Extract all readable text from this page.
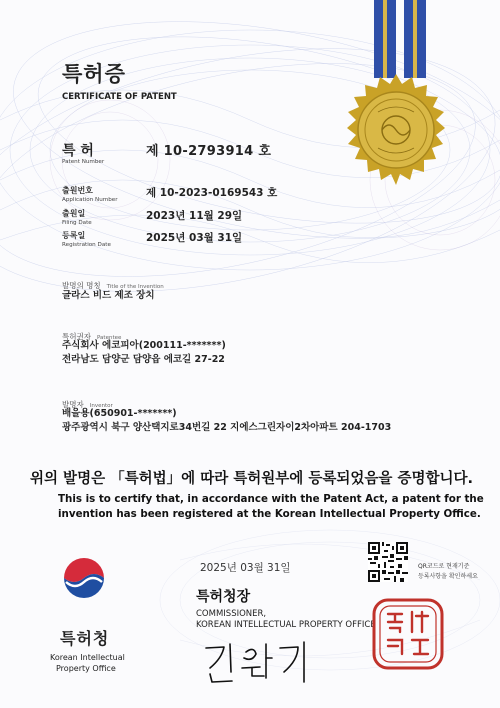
특허증
CERTIFICATE OF PATENT
특 허
Patent Number
제 10-2793914 호
출원번호
Application Number
제 10-2023-0169543 호
출원일
Filing Date
2023년 11월 29일
등록일
Registration Date
2025년 03월 31일
발명의 명칭 Title of the Invention
글라스 비드 제조 장치
특허권자 Patentee
주식회사 에코피아(200111-*******)
전라남도 담양군 담양읍 에코길 27-22
발명자 Inventor
배을용(650901-*******)
광주광역시 북구 양산택지로34번길 22 지에스그린자이2차아파트 204-1703
위의 발명은 「특허법」에 따라 특허원부에 등록되었음을 증명합니다.
This is to certify that, in accordance with the Patent Act, a patent for the
invention has been registered at the Korean Intellectual Property Office.
2025년 03월 31일	QR코드로 현재기준
등록사항을 확인하세요
특허청
Korean Intellectual
Property Office
특허청장
COMMISSIONER,
KOREAN INTELLECTUAL PROPERTY OFFICE
